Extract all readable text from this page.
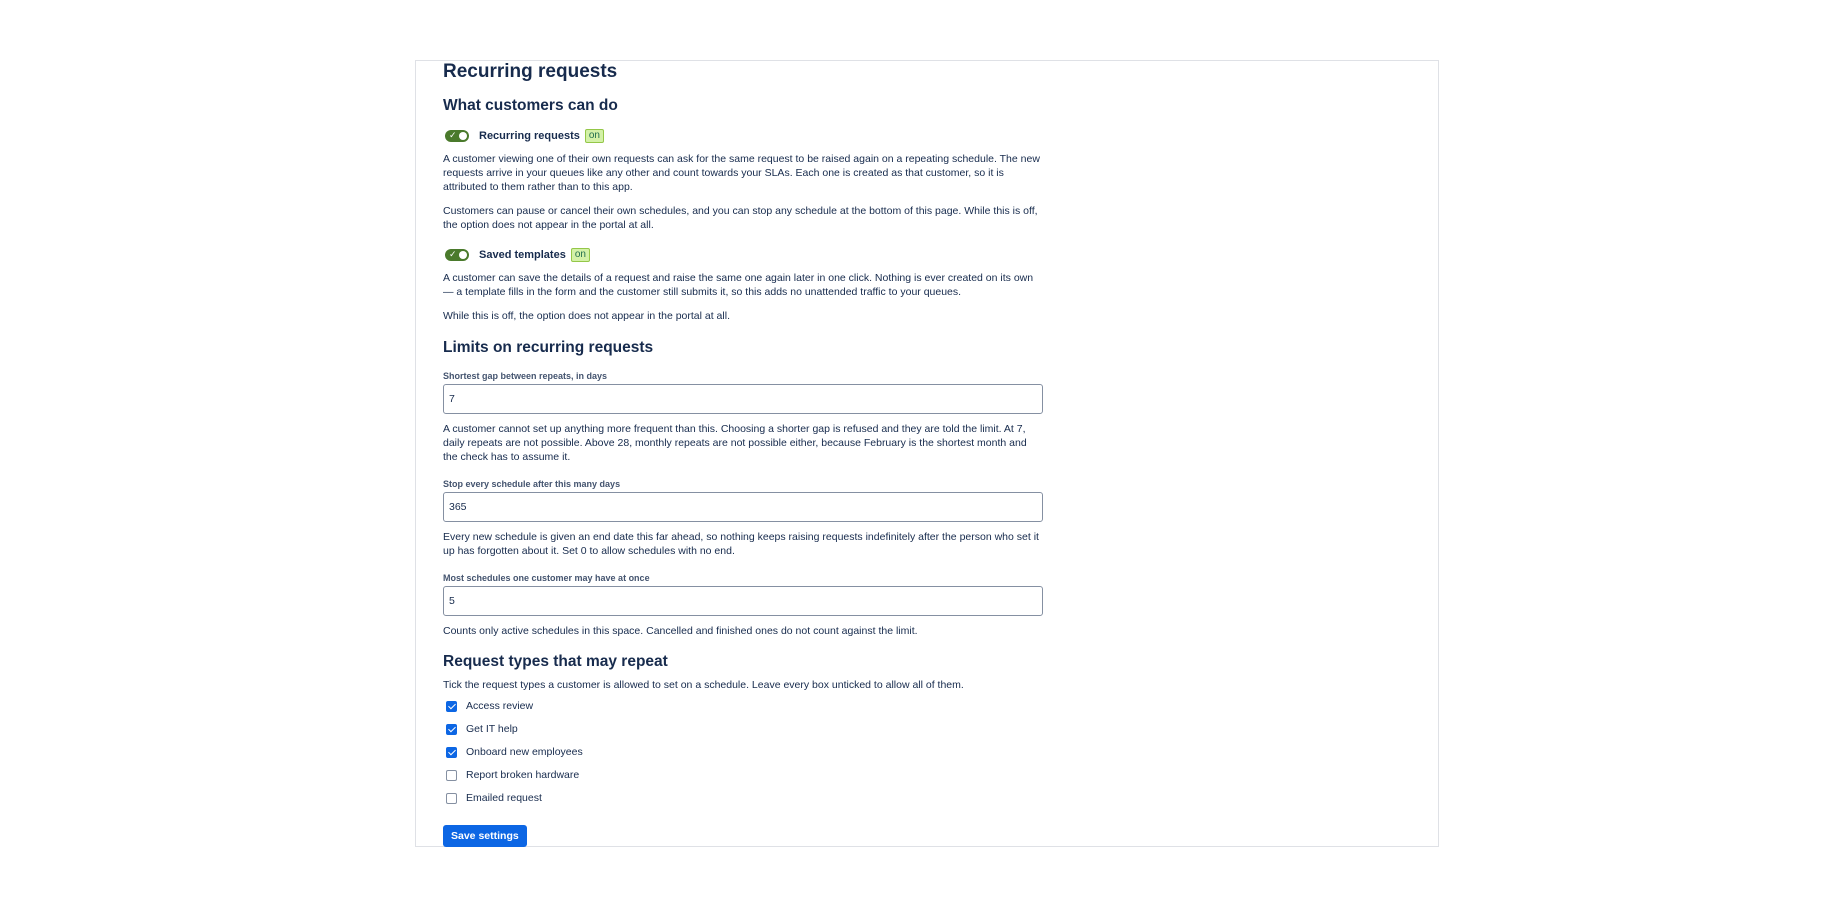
Recurring requests
What customers can do
✓ Recurring requests on

A customer viewing one of their own requests can ask for the same request to be raised again on a repeating schedule. The new requests arrive in your queues like any other and count towards your SLAs. Each one is created as that customer, so it is attributed to them rather than to this app.

Customers can pause or cancel their own schedules, and you can stop any schedule at the bottom of this page. While this is off, the option does not appear in the portal at all.

✓ Saved templates on

A customer can save the details of a request and raise the same one again later in one click. Nothing is ever created on its own — a template fills in the form and the customer still submits it, so this adds no unattended traffic to your queues.

While this is off, the option does not appear in the portal at all.

Limits on recurring requests
Shortest gap between repeats, in days
7

A customer cannot set up anything more frequent than this. Choosing a shorter gap is refused and they are told the limit. At 7, daily repeats are not possible. Above 28, monthly repeats are not possible either, because February is the shortest month and the check has to assume it.

Stop every schedule after this many days
365

Every new schedule is given an end date this far ahead, so nothing keeps raising requests indefinitely after the person who set it up has forgotten about it. Set 0 to allow schedules with no end.

Most schedules one customer may have at once
5

Counts only active schedules in this space. Cancelled and finished ones do not count against the limit.

Request types that may repeat

Tick the request types a customer is allowed to set on a schedule. Leave every box unticked to allow all of them.

Access review
Get IT help
Onboard new employees
Report broken hardware
Emailed request
Save settings
